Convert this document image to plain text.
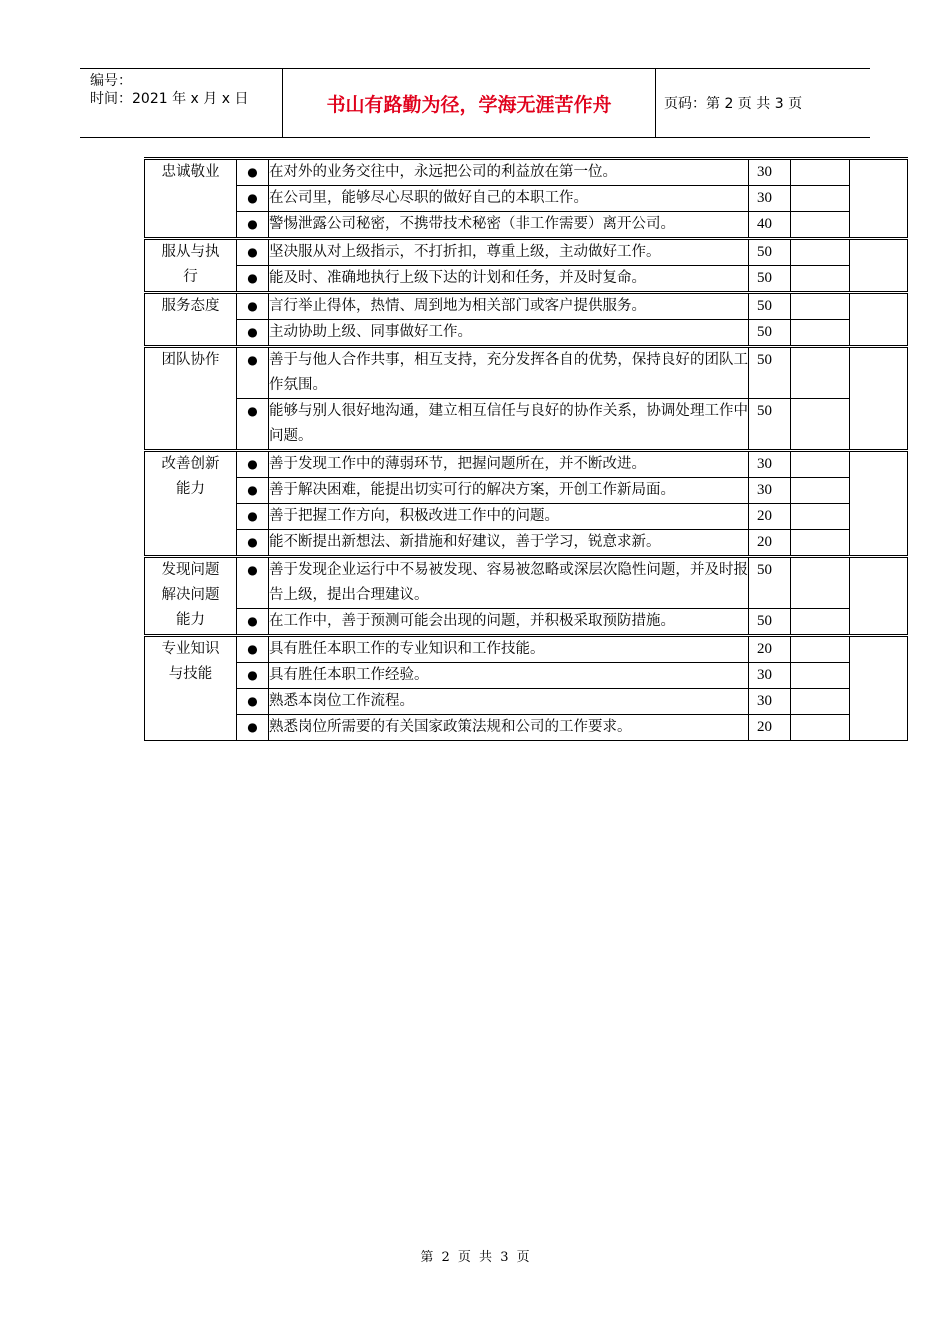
编号：
时间：2021 年 x 月 x 日	书山有路勤为径，学海无涯苦作舟	页码：第 2 页 共 3 页
忠诚敬业	●	在对外的业务交往中，永远把公司的利益放在第一位。	30		
	●	在公司里，能够尽心尽职的做好自己的本职工作。	30		
	●	警惕泄露公司秘密，不携带技术秘密（非工作需要）离开公司。	40		

服从与执行	●	坚决服从对上级指示，不打折扣，尊重上级，主动做好工作。	50		
	●	能及时、准确地执行上级下达的计划和任务，并及时复命。	50		

服务态度	●	言行举止得体，热情、周到地为相关部门或客户提供服务。	50		
	●	主动协助上级、同事做好工作。	50		

团队协作	●	善于与他人合作共事，相互支持，充分发挥各自的优势，保持良好的团队工作氛围。	50		
	●	能够与别人很好地沟通，建立相互信任与良好的协作关系，协调处理工作中问题。	50		

改善创新能力	●	善于发现工作中的薄弱环节，把握问题所在，并不断改进。	30		
	●	善于解决困难，能提出切实可行的解决方案，开创工作新局面。	30		
	●	善于把握工作方向，积极改进工作中的问题。	20		
	●	能不断提出新想法、新措施和好建议，善于学习，锐意求新。	20		

发现问题解决问题能力	●	善于发现企业运行中不易被发现、容易被忽略或深层次隐性问题，并及时报告上级，提出合理建议。	50		
	●	在工作中，善于预测可能会出现的问题，并积极采取预防措施。	50		

专业知识与技能	●	具有胜任本职工作的专业知识和工作技能。	20		
	●	具有胜任本职工作经验。	30		
	●	熟悉本岗位工作流程。	30		
	●	熟悉岗位所需要的有关国家政策法规和公司的工作要求。	20		
第 2 页 共 3 页
